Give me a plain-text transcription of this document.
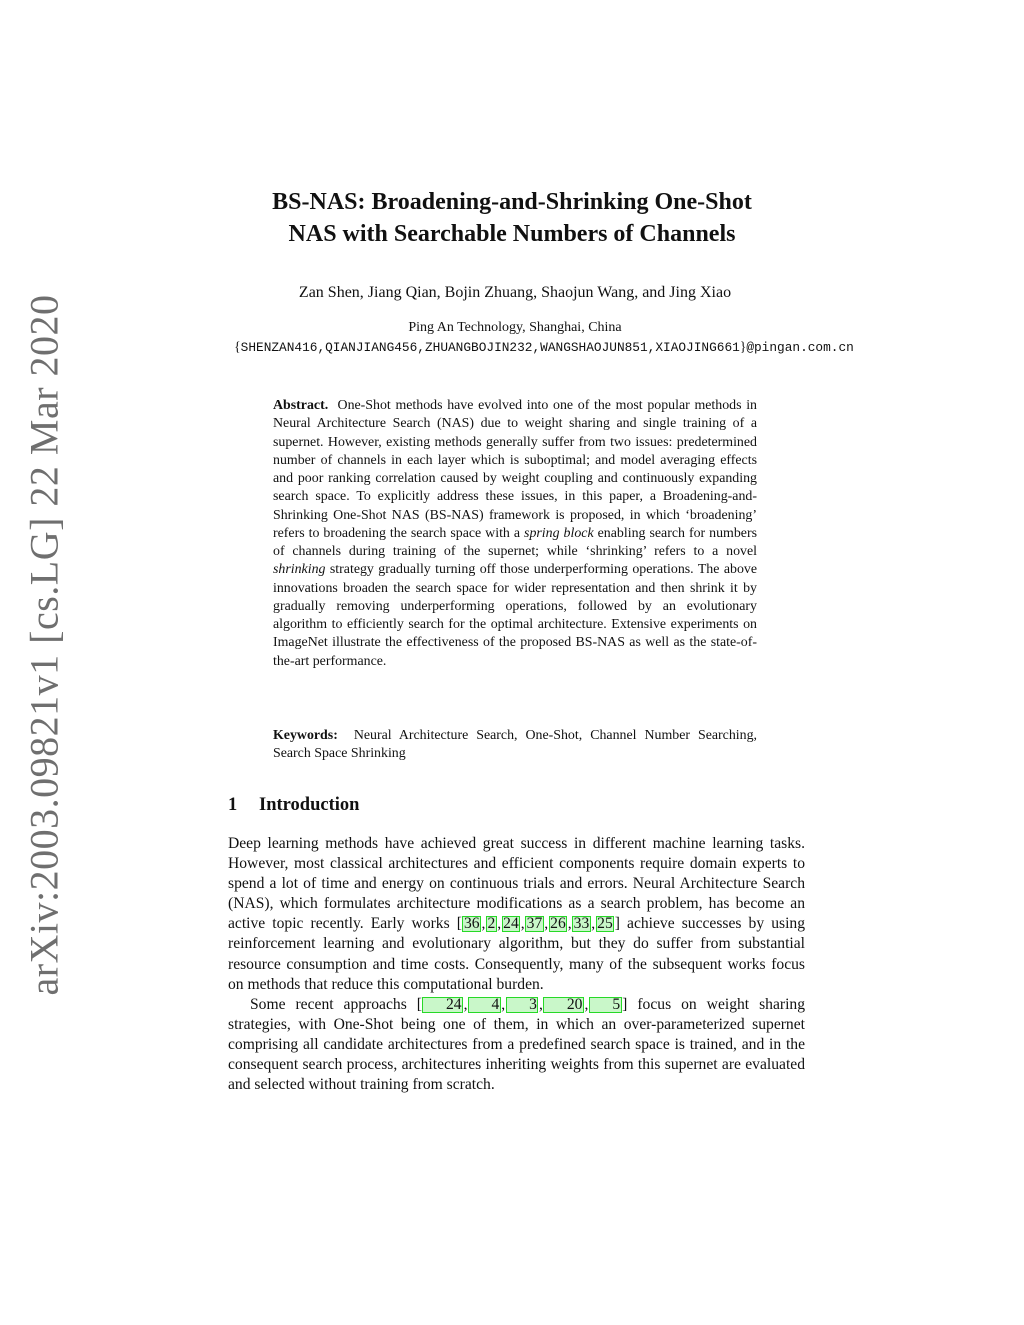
arXiv:2003.09821v1 [cs.LG] 22 Mar 2020
BS-NAS: Broadening-and-Shrinking One-Shot
NAS with Searchable Numbers of Channels
Zan Shen, Jiang Qian, Bojin Zhuang, Shaojun Wang, and Jing Xiao
Ping An Technology, Shanghai, China
{SHENZAN416,QIANJIANG456,ZHUANGBOJIN232,WANGSHAOJUN851,XIAOJING661}@pingan.com.cn
Abstract. One-Shot methods have evolved into one of the most popular methods in Neural Architecture Search (NAS) due to weight sharing and single training of a supernet. However, existing methods generally suffer from two issues: predetermined number of channels in each layer which is suboptimal; and model averaging effects and poor ranking correlation caused by weight coupling and continuously expanding search space. To explicitly address these issues, in this paper, a Broadening-and-Shrinking One-Shot NAS (BS-NAS) framework is proposed, in which ‘broadening’ refers to broadening the search space with a spring block enabling search for numbers of channels during training of the supernet; while ‘shrinking’ refers to a novel shrinking strategy gradually turning off those underperforming operations. The above innovations broaden the search space for wider representation and then shrink it by gradually removing underperforming operations, followed by an evolutionary algorithm to efficiently search for the optimal architecture. Extensive experiments on ImageNet illustrate the effectiveness of the proposed BS-NAS as well as the state-of-the-art performance.
Keywords: Neural Architecture Search, One-Shot, Channel Number Searching, Search Space Shrinking
1 Introduction

Deep learning methods have achieved great success in different machine learning tasks. However, most classical architectures and efficient components require domain experts to spend a lot of time and energy on continuous trials and errors. Neural Architecture Search (NAS), which formulates architecture modifications as a search problem, has become an active topic recently. Early works [ 36 , 2 , 24 , 37 , 26 , 33 , 25 ] achieve successes by using reinforcement learning and evolutionary algorithm, but they do suffer from substantial resource consumption and time costs. Consequently, many of the subsequent works focus on methods that reduce this computational burden.

Some recent approachs [ 24 , 4 , 3 , 20 , 5 ] focus on weight sharing strategies, with One-Shot being one of them, in which an over-parameterized supernet comprising all candidate architectures from a predefined search space is trained, and in the consequent search process, architectures inheriting weights from this supernet are evaluated and selected without training from scratch.
